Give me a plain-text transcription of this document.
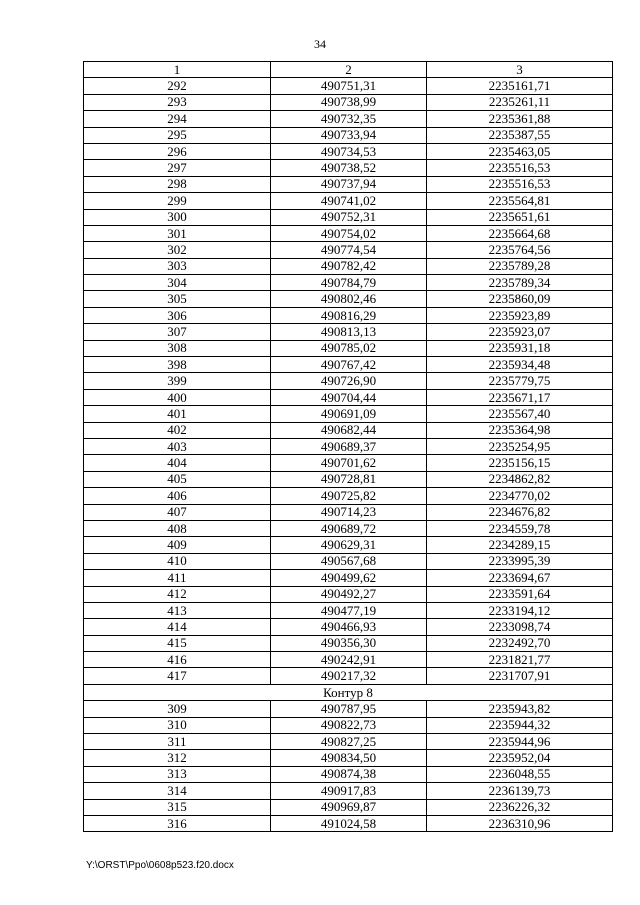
34
1	2	3
292	490751,31	2235161,71
293	490738,99	2235261,11
294	490732,35	2235361,88
295	490733,94	2235387,55
296	490734,53	2235463,05
297	490738,52	2235516,53
298	490737,94	2235516,53
299	490741,02	2235564,81
300	490752,31	2235651,61
301	490754,02	2235664,68
302	490774,54	2235764,56
303	490782,42	2235789,28
304	490784,79	2235789,34
305	490802,46	2235860,09
306	490816,29	2235923,89
307	490813,13	2235923,07
308	490785,02	2235931,18
398	490767,42	2235934,48
399	490726,90	2235779,75
400	490704,44	2235671,17
401	490691,09	2235567,40
402	490682,44	2235364,98
403	490689,37	2235254,95
404	490701,62	2235156,15
405	490728,81	2234862,82
406	490725,82	2234770,02
407	490714,23	2234676,82
408	490689,72	2234559,78
409	490629,31	2234289,15
410	490567,68	2233995,39
411	490499,62	2233694,67
412	490492,27	2233591,64
413	490477,19	2233194,12
414	490466,93	2233098,74
415	490356,30	2232492,70
416	490242,91	2231821,77
417	490217,32	2231707,91
Контур 8		
309	490787,95	2235943,82
310	490822,73	2235944,32
311	490827,25	2235944,96
312	490834,50	2235952,04
313	490874,38	2236048,55
314	490917,83	2236139,73
315	490969,87	2236226,32
316	491024,58	2236310,96
Y:\ORST\Ppo\0608p523.f20.docx
